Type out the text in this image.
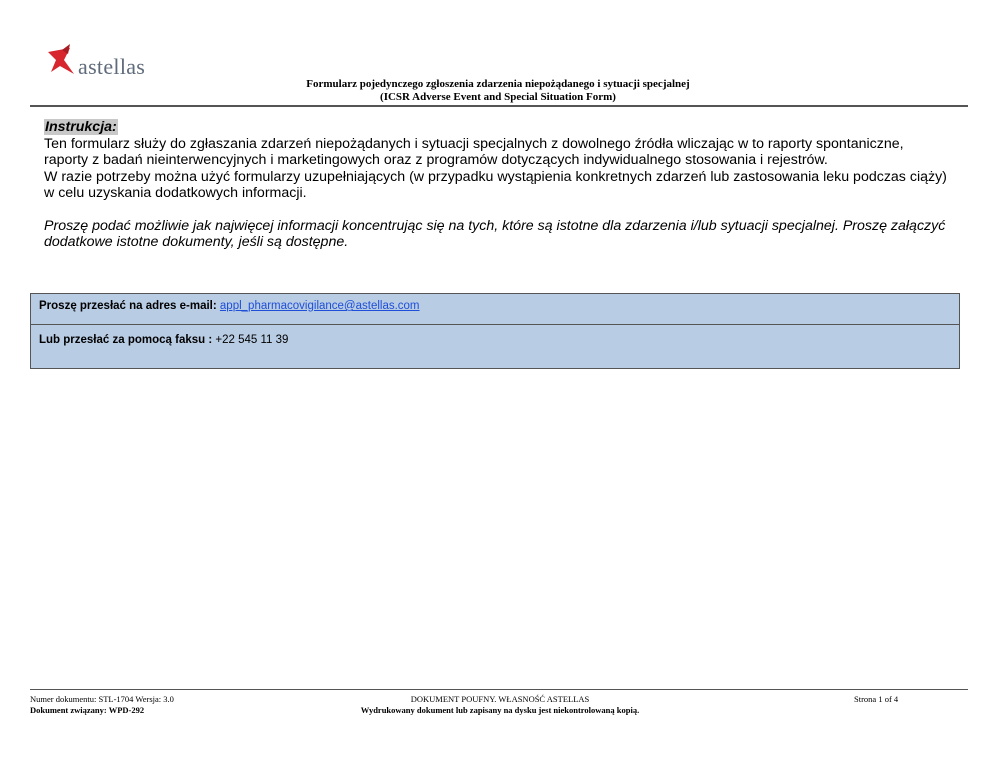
astellas
Formularz pojedynczego zgłoszenia zdarzenia niepożądanego i sytuacji specjalnej
(ICSR Adverse Event and Special Situation Form)

Instrukcja:

Ten formularz służy do zgłaszania zdarzeń niepożądanych i sytuacji specjalnych z dowolnego źródła wliczając w to raporty spontaniczne, raporty z badań nieinterwencyjnych i marketingowych oraz z programów dotyczących indywidualnego stosowania i rejestrów.

W razie potrzeby można użyć formularzy uzupełniających (w przypadku wystąpienia konkretnych zdarzeń lub zastosowania leku podczas ciąży) w celu uzyskania dodatkowych informacji.

Proszę podać możliwie jak najwięcej informacji koncentrując się na tych, które są istotne dla zdarzenia i/lub sytuacji specjalnej. Proszę załączyć dodatkowe istotne dokumenty, jeśli są dostępne.

Proszę przesłać na adres e-mail: appl_pharmacovigilance@astellas.com
Lub przesłać za pomocą faksu : +22 545 11 39
Numer dokumentu: STL-1704 Wersja: 3.0
Dokument związany: WPD-292
DOKUMENT POUFNY. WŁASNOŚĆ ASTELLAS
Wydrukowany dokument lub zapisany na dysku jest niekontrolowaną kopią.
Strona 1 of 4
